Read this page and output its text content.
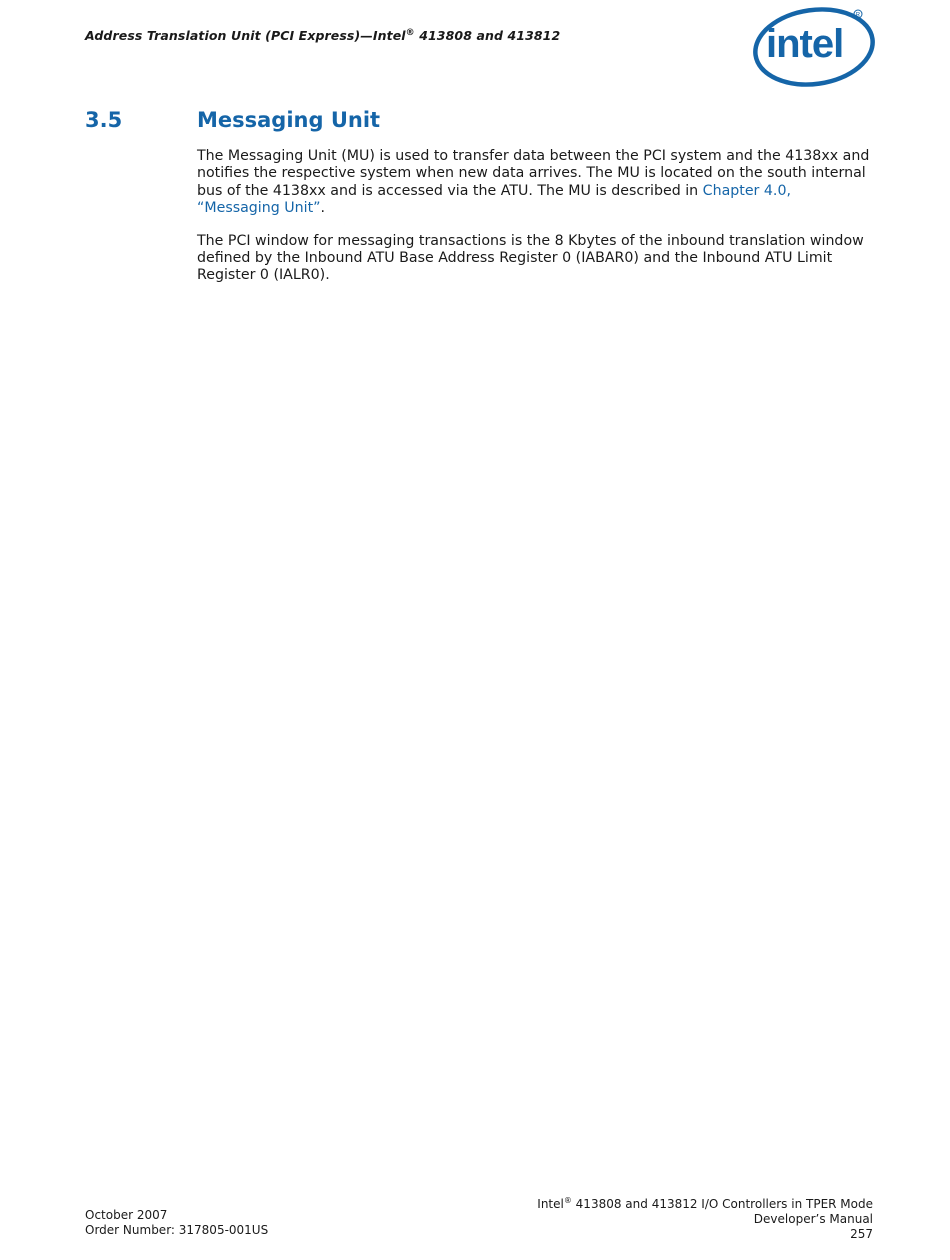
Address Translation Unit (PCI Express)—Intel® 413808 and 413812	intel
R
3.5	Messaging Unit

The Messaging Unit (MU) is used to transfer data between the PCI system and the 4138xx and notifies the respective system when new data arrives. The MU is located on the south internal bus of the 4138xx and is accessed via the ATU. The MU is described in Chapter 4.0, “Messaging Unit”.

The PCI window for messaging transactions is the 8 Kbytes of the inbound translation window defined by the Inbound ATU Base Address Register 0 (IABAR0) and the Inbound ATU Limit Register 0 (IALR0).

October 2007
Order Number: 317805-001US
Intel® 413808 and 413812 I/O Controllers in TPER Mode
Developer’s Manual
257
